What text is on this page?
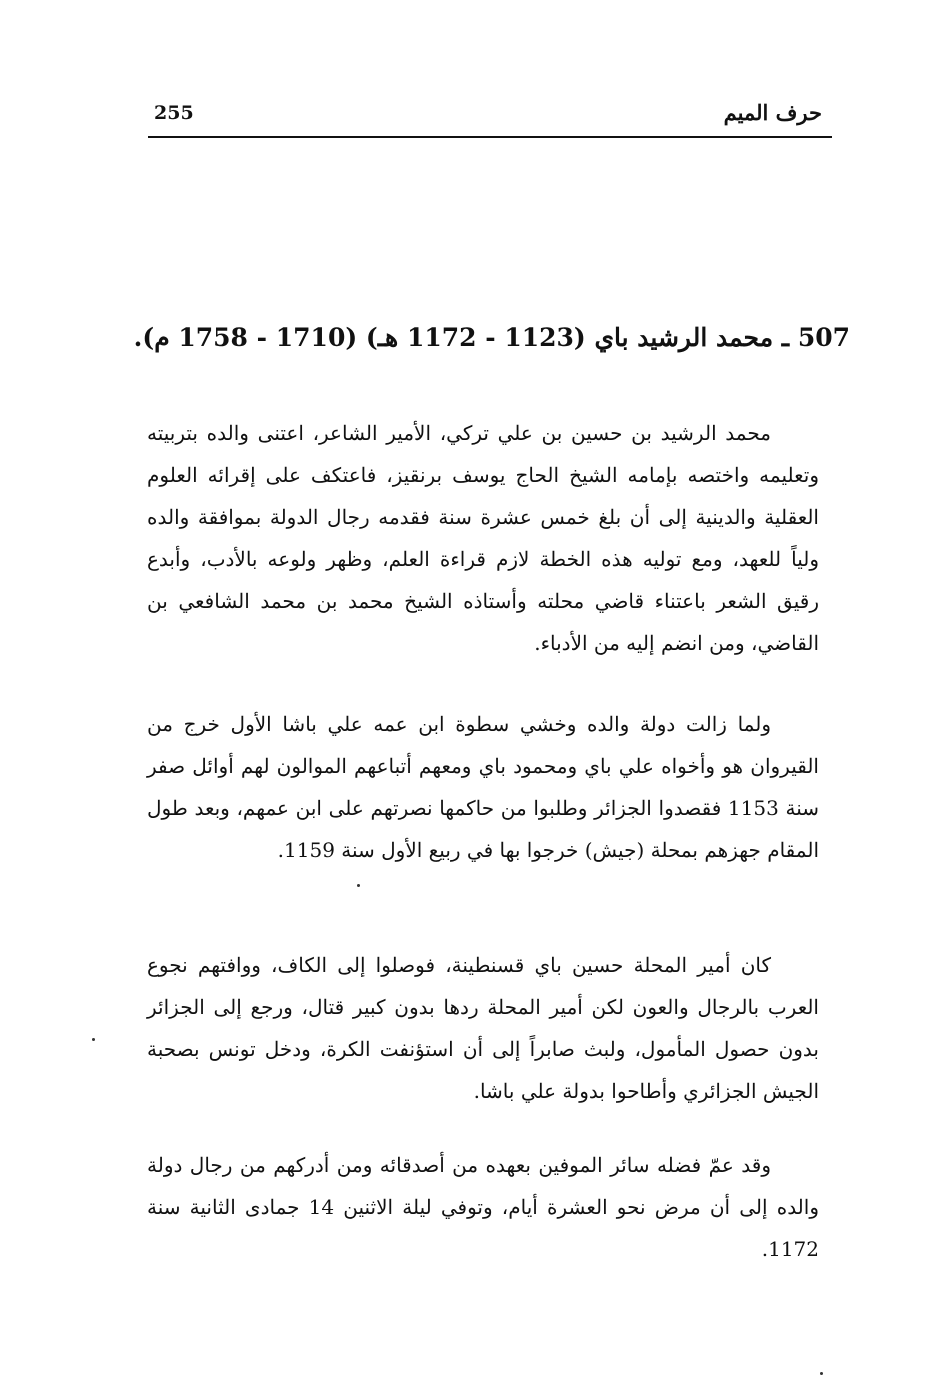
255	حرف الميم
507 ـ محمد الرشيد باي (1123 - 1172 هـ) (1710 - 1758 م).

محمد الرشيد بن حسين بن علي تركي، الأمير الشاعر، اعتنى والده بتربيته وتعليمه واختصه بإمامه الشيخ الحاج يوسف برنقيز، فاعتكف على إقرائه العلوم العقلية والدينية إلى أن بلغ خمس عشرة سنة فقدمه رجال الدولة بموافقة والده ولياً للعهد، ومع توليه هذه الخطة لازم قراءة العلم، وظهر ولوعه بالأدب، وأبدع رقيق الشعر باعتناء قاضي محلته وأستاذه الشيخ محمد بن محمد الشافعي بن القاضي، ومن انضم إليه من الأدباء.

ولما زالت دولة والده وخشي سطوة ابن عمه علي باشا الأول خرج من القيروان هو وأخواه علي باي ومحمود باي ومعهم أتباعهم الموالون لهم أوائل صفر سنة 1153 فقصدوا الجزائر وطلبوا من حاكمها نصرتهم على ابن عمهم، وبعد طول المقام جهزهم بمحلة (جيش) خرجوا بها في ربيع الأول سنة 1159.

كان أمير المحلة حسين باي قسنطينة، فوصلوا إلى الكاف، ووافتهم نجوع العرب بالرجال والعون لكن أمير المحلة ردها بدون كبير قتال، ورجع إلى الجزائر بدون حصول المأمول، ولبث صابراً إلى أن استؤنفت الكرة، ودخل تونس بصحبة الجيش الجزائري وأطاحوا بدولة علي باشا.

وقد عمّ فضله سائر الموفين بعهده من أصدقائه ومن أدركهم من رجال دولة والده إلى أن مرض نحو العشرة أيام، وتوفي ليلة الاثنين 14 جمادى الثانية سنة 1172.
